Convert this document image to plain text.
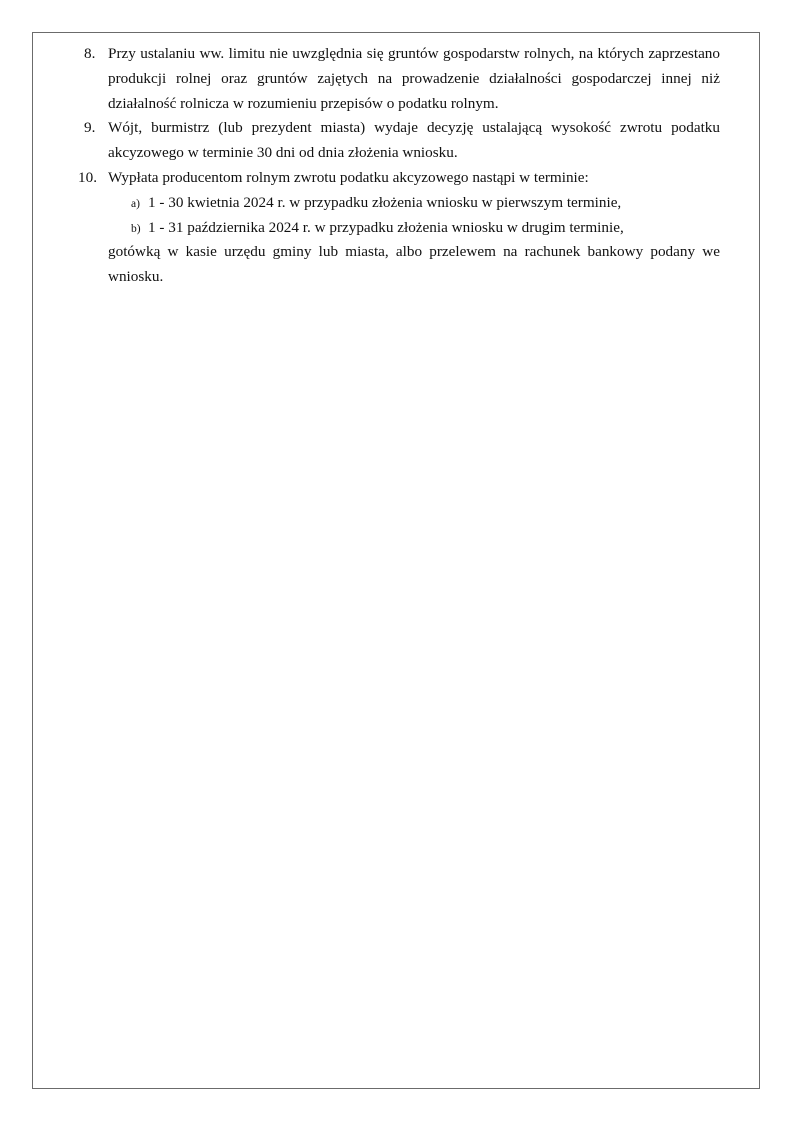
8. Przy ustalaniu ww. limitu nie uwzględnia się gruntów gospodarstw rolnych, na których zaprzestano produkcji rolnej oraz gruntów zajętych na prowadzenie działalności gospodarczej innej niż działalność rolnicza w rozumieniu przepisów o podatku rolnym.

9. Wójt, burmistrz (lub prezydent miasta) wydaje decyzję ustalającą wysokość zwrotu podatku akcyzowego w terminie 30 dni od dnia złożenia wniosku.

10. Wypłata producentom rolnym zwrotu podatku akcyzowego nastąpi w terminie:

a) 1 - 30 kwietnia 2024 r. w przypadku złożenia wniosku w pierwszym terminie,
b) 1 - 31 października 2024 r. w przypadku złożenia wniosku w drugim terminie,

gotówką w kasie urzędu gminy lub miasta, albo przelewem na rachunek bankowy podany we wniosku.
